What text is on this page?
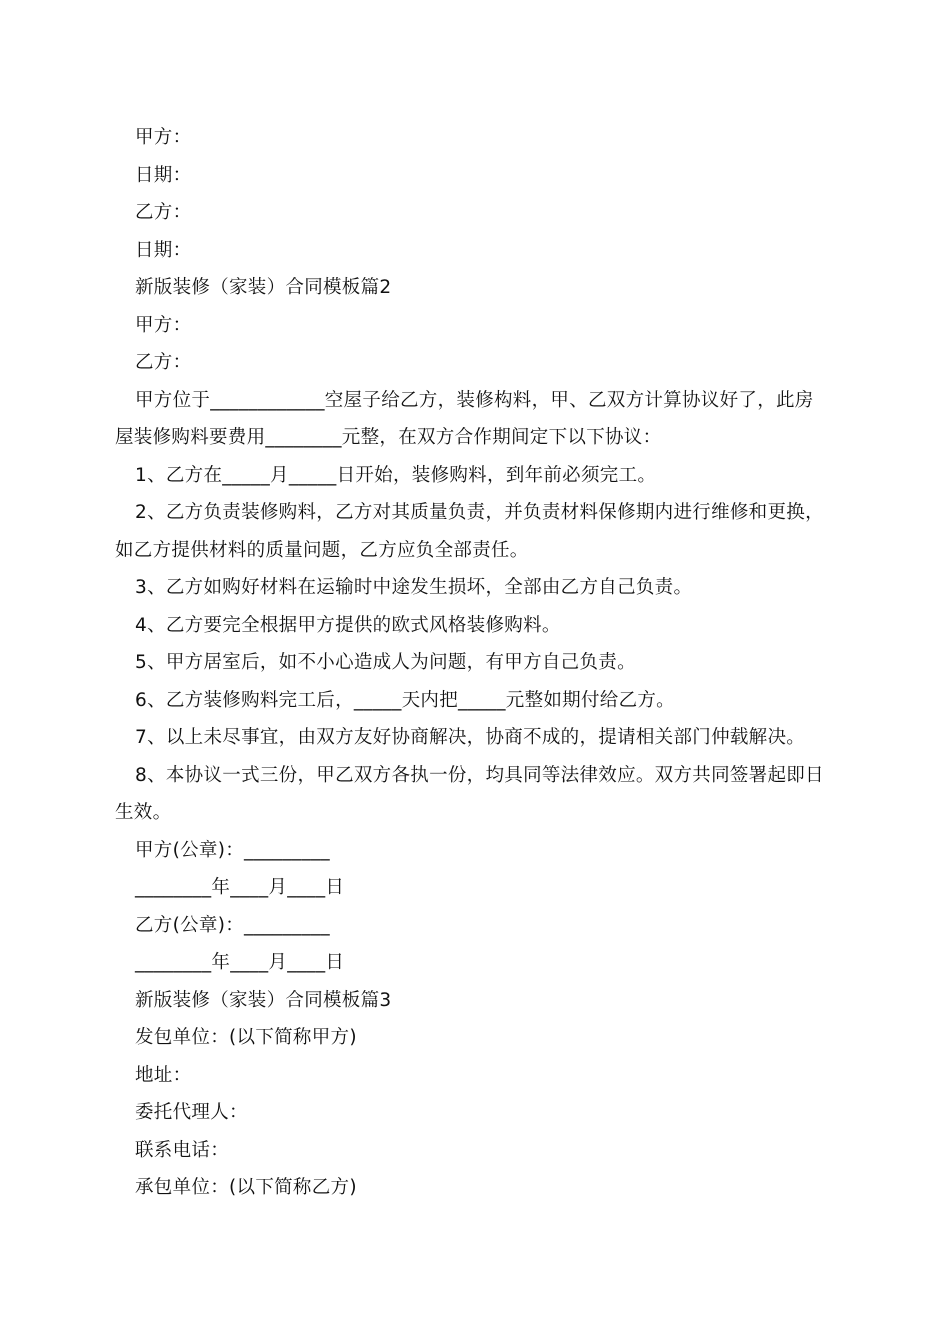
甲方：
日期：
乙方：
日期：
新版装修（家装）合同模板篇2
甲方：
乙方：
甲方位于____________空屋子给乙方，装修构料，甲、乙双方计算协议好了，此房
屋装修购料要费用________元整，在双方合作期间定下以下协议：
1、乙方在_____月_____日开始，装修购料，到年前必须完工。
2、乙方负责装修购料，乙方对其质量负责，并负责材料保修期内进行维修和更换，
如乙方提供材料的质量问题，乙方应负全部责任。
3、乙方如购好材料在运输时中途发生损坏，全部由乙方自己负责。
4、乙方要完全根据甲方提供的欧式风格装修购料。
5、甲方居室后，如不小心造成人为问题，有甲方自己负责。
6、乙方装修购料完工后，_____天内把_____元整如期付给乙方。
7、以上未尽事宜，由双方友好协商解决，协商不成的，提请相关部门仲载解决。
8、本协议一式三份，甲乙双方各执一份，均具同等法律效应。双方共同签署起即日
生效。
甲方(公章)：_________
________年____月____日
乙方(公章)：_________
________年____月____日
新版装修（家装）合同模板篇3
发包单位：(以下简称甲方)
地址：
委托代理人：
联系电话：
承包单位：(以下简称乙方)
